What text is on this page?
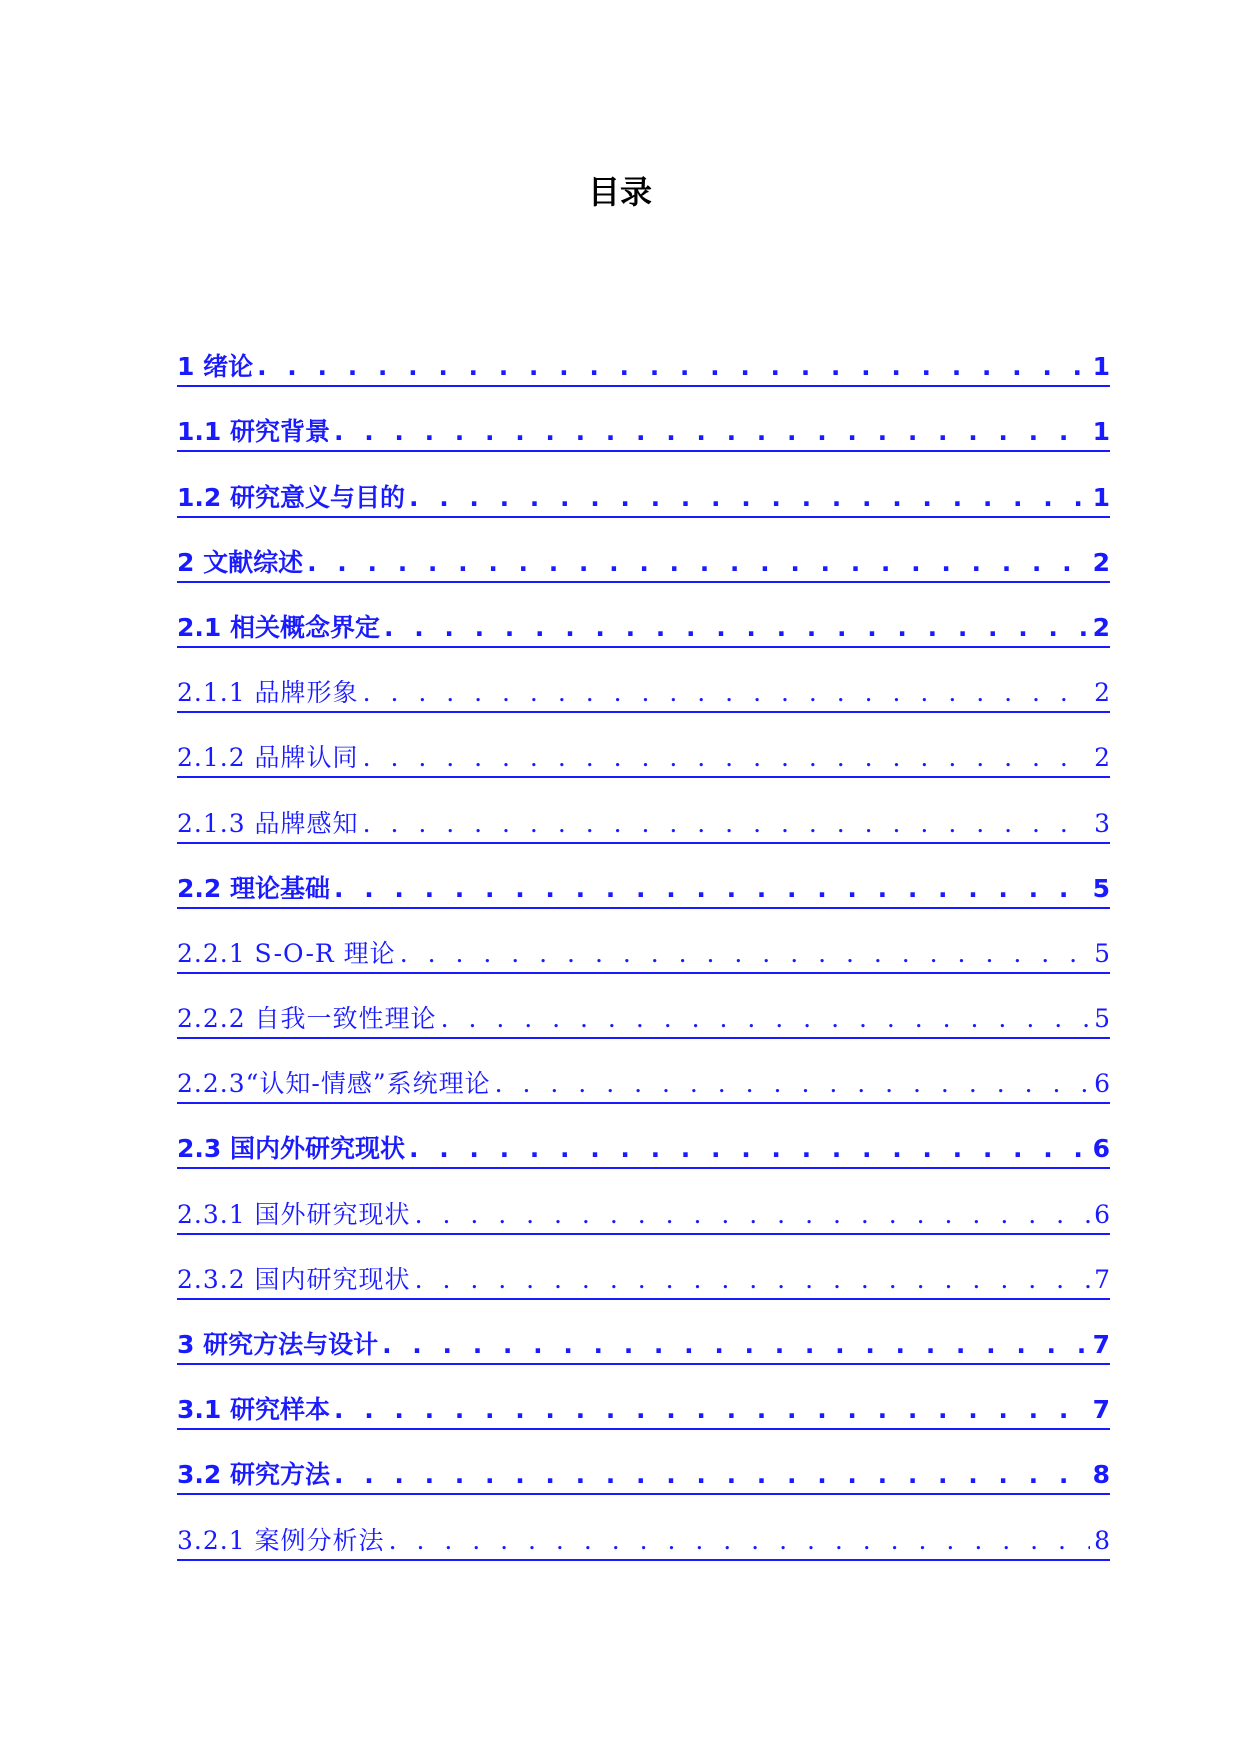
目录
1 绪论 . . .	1
1.1 研究背景 . . .	1
1.2 研究意义与目的 . . .	1
2 文献综述 . . .	2
2.1 相关概念界定 . . .	2
2.1.1 品牌形象 . . .	2
2.1.2 品牌认同 . . .	2
2.1.3 品牌感知 . . .	3
2.2 理论基础 . . .	5
2.2.1 S-O-R 理论 . . .	5
2.2.2 自我一致性理论 . . .	5
2.2.3“认知-情感”系统理论 . . .	6
2.3 国内外研究现状 . . .	6
2.3.1 国外研究现状 . . .	6
2.3.2 国内研究现状 . . .	7
3 研究方法与设计 . . .	7
3.1 研究样本 . . .	7
3.2 研究方法 . . .	8
3.2.1 案例分析法 . . .	8
